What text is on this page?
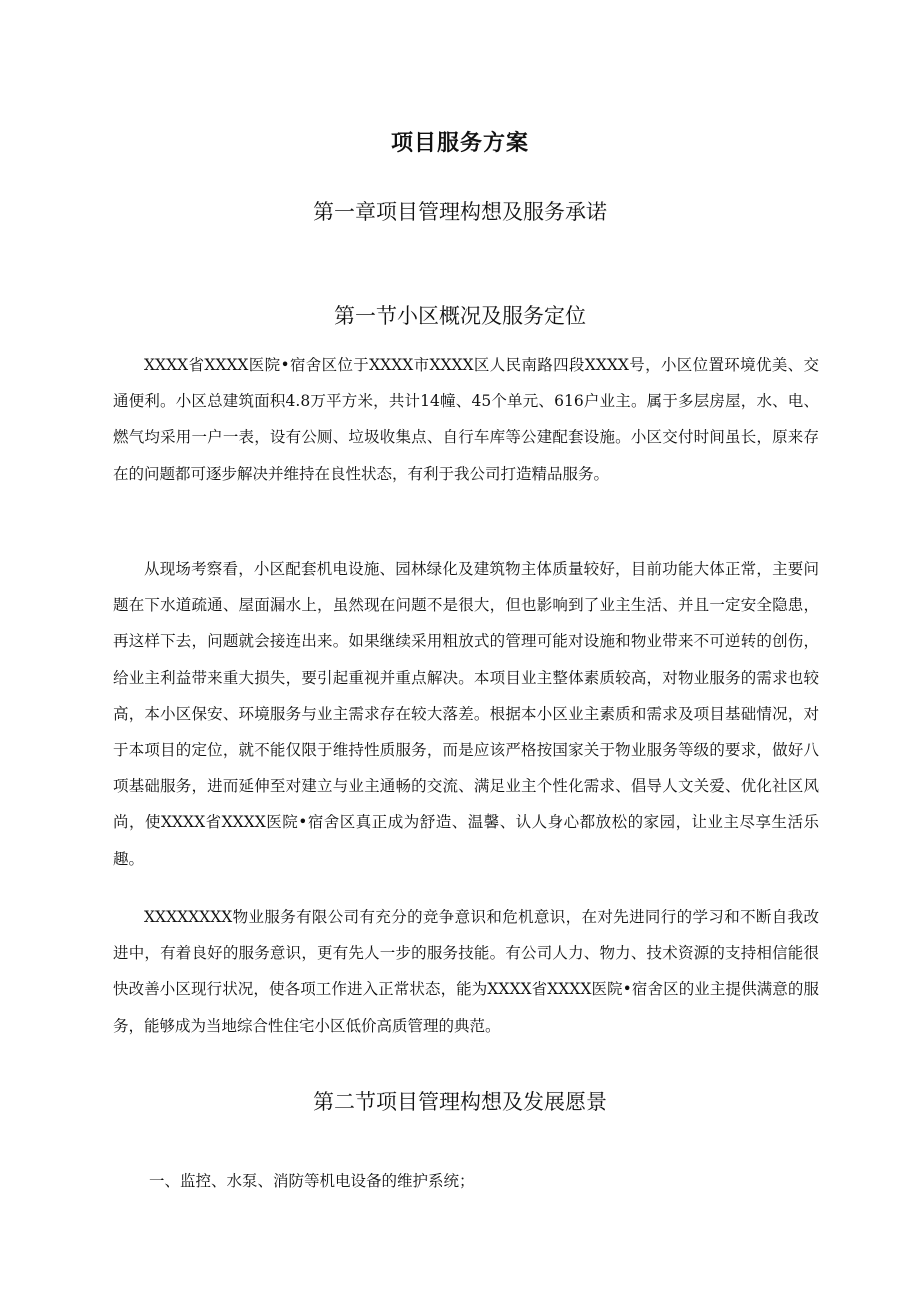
项目服务方案
第一章项目管理构想及服务承诺
第一节小区概况及服务定位

XXXX省XXXX医院•宿舍区位于XXXX市XXXX区人民南路四段XXXX号，小区位置环境优美、交通便利。小区总建筑面积4.8万平方米，共计14幢、45个单元、616户业主。属于多层房屋，水、电、燃气均采用一户一表，设有公厕、垃圾收集点、自行车库等公建配套设施。小区交付时间虽长，原来存在的问题都可逐步解决并维持在良性状态，有利于我公司打造精品服务。

从现场考察看，小区配套机电设施、园林绿化及建筑物主体质量较好，目前功能大体正常，主要问题在下水道疏通、屋面漏水上，虽然现在问题不是很大，但也影响到了业主生活、并且一定安全隐患，再这样下去，问题就会接连出来。如果继续采用粗放式的管理可能对设施和物业带来不可逆转的创伤，给业主利益带来重大损失，要引起重视并重点解决。本项目业主整体素质较高，对物业服务的需求也较高，本小区保安、环境服务与业主需求存在较大落差。根据本小区业主素质和需求及项目基础情况，对于本项目的定位，就不能仅限于维持性质服务，而是应该严格按国家关于物业服务等级的要求，做好八项基础服务，进而延伸至对建立与业主通畅的交流、满足业主个性化需求、倡导人文关爱、优化社区风尚，使XXXX省XXXX医院•宿舍区真正成为舒造、温馨、认人身心都放松的家园，让业主尽享生活乐趣。

XXXXXXXX物业服务有限公司有充分的竞争意识和危机意识，在对先进同行的学习和不断自我改进中，有着良好的服务意识，更有先人一步的服务技能。有公司人力、物力、技术资源的支持相信能很快改善小区现行状况，使各项工作进入正常状态，能为XXXX省XXXX医院•宿舍区的业主提供满意的服务，能够成为当地综合性住宅小区低价高质管理的典范。

第二节项目管理构想及发展愿景

一、监控、水泵、消防等机电设备的维护系统；
